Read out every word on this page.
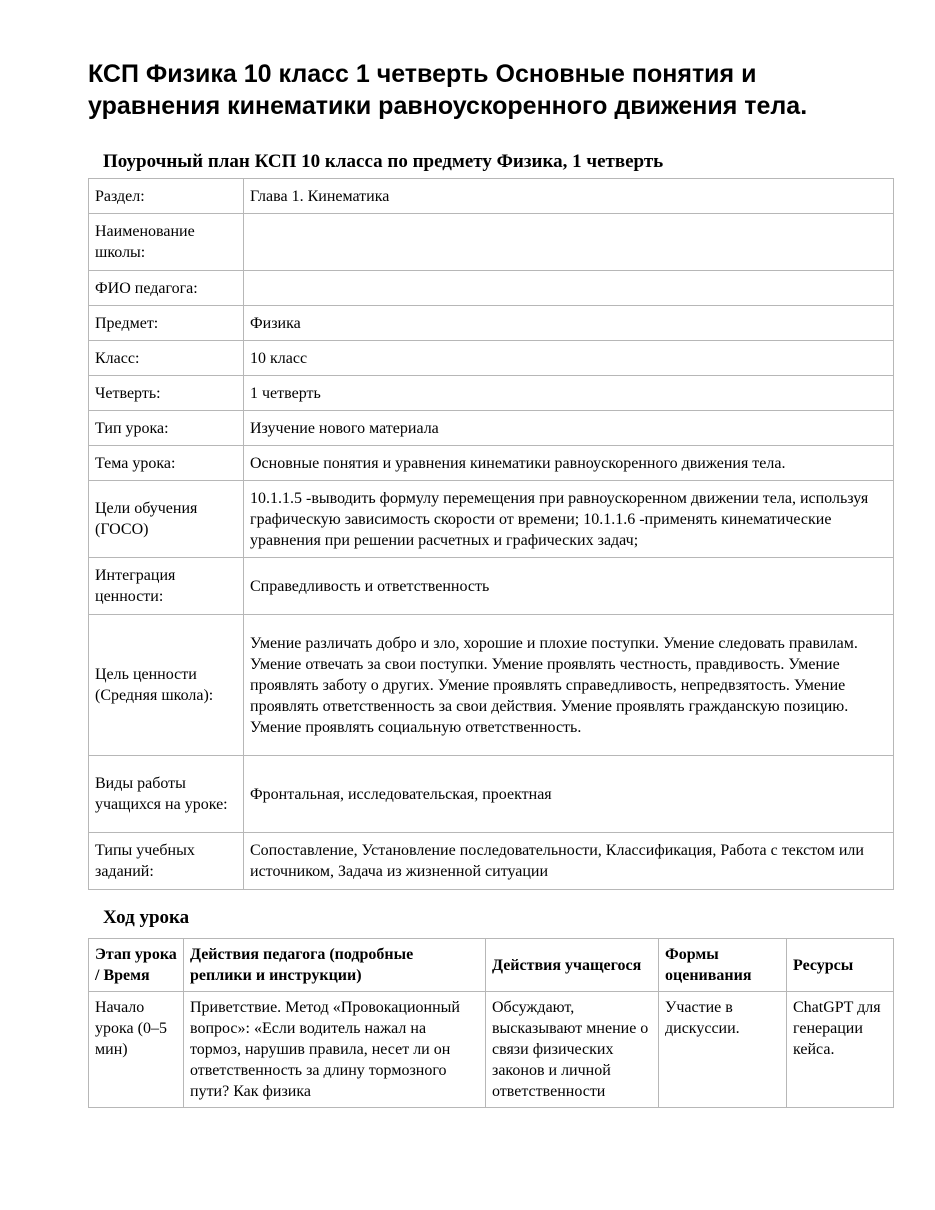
КСП Физика 10 класс 1 четверть Основные понятия и уравнения кинематики равноускоренного движения тела.
Поурочный план КСП 10 класса по предмету Физика, 1 четверть
Раздел:	Глава 1. Кинематика
Наименование школы:	
ФИО педагога:	
Предмет:	Физика
Класс:	10 класс
Четверть:	1 четверть
Тип урока:	Изучение нового материала
Тема урока:	Основные понятия и уравнения кинематики равноускоренного движения тела.
Цели обучения (ГОСО)	10.1.1.5 -выводить формулу перемещения при равноускоренном движении тела, используя графическую зависимость скорости от времени; 10.1.1.6 -применять кинематические уравнения при решении расчетных и графических задач;
Интеграция ценности:	Справедливость и ответственность
Цель ценности (Средняя школа):	Умение различать добро и зло, хорошие и плохие поступки. Умение следовать правилам. Умение отвечать за свои поступки. Умение проявлять честность, правдивость. Умение проявлять заботу о других. Умение проявлять справедливость, непредвзятость. Умение проявлять ответственность за свои действия. Умение проявлять гражданскую позицию. Умение проявлять социальную ответственность.
Виды работы учащихся на уроке:	Фронтальная, исследовательская, проектная
Типы учебных заданий:	Сопоставление, Установление последовательности, Классификация, Работа с текстом или источником, Задача из жизненной ситуации
Ход урока
Этап урока / Время	Действия педагога (подробные реплики и инструкции)	Действия учащегося	Формы оценивания	Ресурсы
Начало урока (0–5 мин)	Приветствие. Метод «Провокационный вопрос»: «Если водитель нажал на тормоз, нарушив правила, несет ли он ответственность за длину тормозного пути? Как физика	Обсуждают, высказывают мнение о связи физических законов и личной ответственности	Участие в дискуссии.	ChatGPT для генерации кейса.
